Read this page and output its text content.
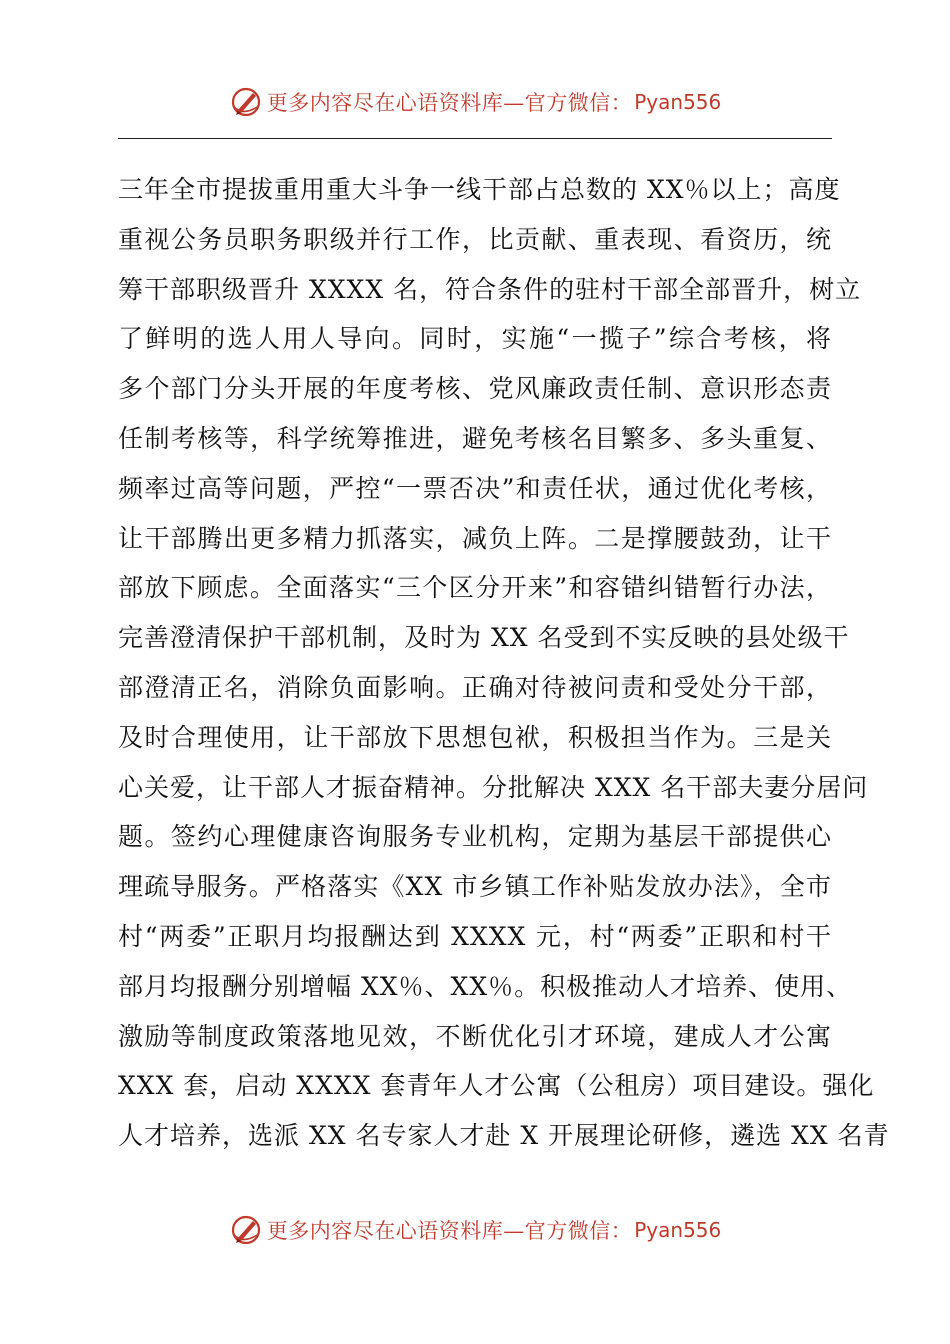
更多内容尽在心语资料库—官方微信： Pyan556
三年全市提拔重用重大斗争一线干部占总数的 XX％以上；高度
重视公务员职务职级并行工作，比贡献、重表现、看资历，统
筹干部职级晋升 XXXX 名，符合条件的驻村干部全部晋升，树立
了鲜明的选人用人导向。同时，实施“一揽子”综合考核，将
多个部门分头开展的年度考核、党风廉政责任制、意识形态责
任制考核等，科学统筹推进，避免考核名目繁多、多头重复、
频率过高等问题，严控“一票否决”和责任状，通过优化考核，
让干部腾出更多精力抓落实，减负上阵。二是撑腰鼓劲，让干
部放下顾虑。全面落实“三个区分开来”和容错纠错暂行办法，
完善澄清保护干部机制，及时为 XX 名受到不实反映的县处级干
部澄清正名，消除负面影响。正确对待被问责和受处分干部，
及时合理使用，让干部放下思想包袱，积极担当作为。三是关
心关爱，让干部人才振奋精神。分批解决 XXX 名干部夫妻分居问
题。签约心理健康咨询服务专业机构，定期为基层干部提供心
理疏导服务。严格落实《XX 市乡镇工作补贴发放办法》，全市
村“两委”正职月均报酬达到 XXXX 元，村“两委”正职和村干
部月均报酬分别增幅 XX％、XX％。积极推动人才培养、使用、
激励等制度政策落地见效，不断优化引才环境，建成人才公寓
XXX 套，启动 XXXX 套青年人才公寓（公租房）项目建设。强化
人才培养，选派 XX 名专家人才赴 X 开展理论研修，遴选 XX 名青
更多内容尽在心语资料库—官方微信： Pyan556
